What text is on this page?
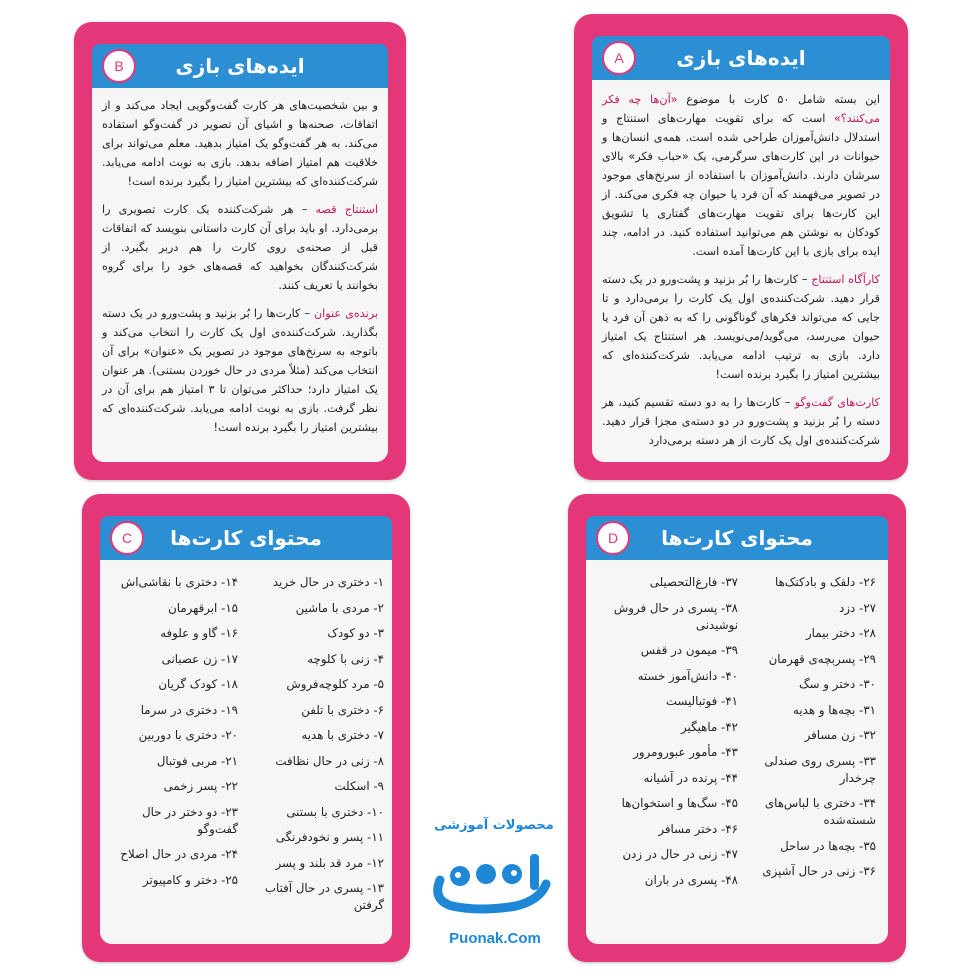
B	ایده‌های بازی

و بین شخصیت‌های هر کارت گفت‌وگویی ایجاد می‌کند و از اتفاقات، صحنه‌ها و اشیای آن تصویر در گفت‌وگو استفاده می‌کند. به هر گفت‌وگو یک امتیاز بدهید. معلم می‌تواند برای خلاقیت هم امتیاز اضافه بدهد. بازی به نوبت ادامه می‌یابد. شرکت‌کننده‌ای که بیشترین امتیاز را بگیرد برنده است!

استنتاج قصه – هر شرکت‌کننده یک کارت تصویری را برمی‌دارد. او باید برای آن کارت داستانی بنویسد که اتفاقات قبل از صحنه‌ی روی کارت را هم دربر بگیرد. از شرکت‌کنندگان بخواهید که قصه‌های خود را برای گروه بخوانند یا تعریف کنند.

برنده‌ی عنوان – کارت‌ها را بُر بزنید و پشت‌ورو در یک دسته بگذارید. شرکت‌کننده‌ی اول یک کارت را انتخاب می‌کند و باتوجه به سرنخ‌های موجود در تصویر یک «عنوان» برای آن انتخاب می‌کند (مثلاً مردی در حال خوردن بستنی). هر عنوان یک امتیاز دارد؛ حداکثر می‌توان تا ۳ امتیاز هم برای آن در نظر گرفت. بازی به نوبت ادامه می‌یابد. شرکت‌کننده‌ای که بیشترین امتیاز را بگیرد برنده است!

A	ایده‌های بازی

این بسته شامل ۵۰ کارت با موضوع «آن‌ها چه فکر می‌کنند؟» است که برای تقویت مهارت‌های استنتاج و استدلال دانش‌آموزان طراحی شده است. همه‌ی انسان‌ها و حیوانات در این کارت‌های سرگرمی، یک «حباب فکر» بالای سرشان دارند. دانش‌آموزان با استفاده از سرنخ‌های موجود در تصویر می‌فهمند که آن فرد یا حیوان چه فکری می‌کند. از این کارت‌ها برای تقویت مهارت‌های گفتاری یا تشویق کودکان به نوشتن هم می‌توانید استفاده کنید. در ادامه، چند ایده برای بازی با این کارت‌ها آمده است.

کارآگاه استنتاج – کارت‌ها را بُر بزنید و پشت‌ورو در یک دسته قرار دهید. شرکت‌کننده‌ی اول یک کارت را برمی‌دارد و تا جایی که می‌تواند فکرهای گوناگونی را که به ذهن آن فرد یا حیوان می‌رسد، می‌گوید/می‌نویسد. هر استنتاج یک امتیاز دارد. بازی به ترتیب ادامه می‌یابد. شرکت‌کننده‌ای که بیشترین امتیاز را بگیرد برنده است!

کارت‌های گفت‌وگو – کارت‌ها را به دو دسته تقسیم کنید، هر دسته را بُر بزنید و پشت‌ورو در دو دسته‌ی مجزا قرار دهید. شرکت‌کننده‌ی اول یک کارت از هر دسته برمی‌دارد

C	محتوای کارت‌ها
۱- دختری در حال خرید
۲- مردی با ماشین
۳- دو کودک
۴- زنی با کلوچه
۵- مرد کلوچه‌فروش
۶- دختری با تلفن
۷- دختری با هدیه
۸- زنی در حال نظافت
۹- اسکلت
۱۰- دختری با بستنی
۱۱- پسر و نخودفرنگی
۱۲- مرد قد بلند و پسر
۱۳- پسری در حال آفتاب گرفتن
۱۴- دختری با نقاشی‌اش
۱۵- ابرقهرمان
۱۶- گاو و علوفه
۱۷- زن عصبانی
۱۸- کودک گریان
۱۹- دختری در سرما
۲۰- دختری با دوربین
۲۱- مربی فوتبال
۲۲- پسر زخمی
۲۳- دو دختر در حال گفت‌وگو
۲۴- مردی در حال اصلاح
۲۵- دختر و کامپیوتر
D	محتوای کارت‌ها
۲۶- دلقک و بادکنک‌ها
۲۷- دزد
۲۸- دختر بیمار
۲۹- پسربچه‌ی قهرمان
۳۰- دختر و سگ
۳۱- بچه‌ها و هدیه
۳۲- زن مسافر
۳۳- پسری روی صندلی چرخدار
۳۴- دختری با لباس‌های شسته‌شده
۳۵- بچه‌ها در ساحل
۳۶- زنی در حال آشپزی
۳۷- فارغ‌التحصیلی
۳۸- پسری در حال فروش نوشیدنی
۳۹- میمون در قفس
۴۰- دانش‌آموز خسته
۴۱- فوتبالیست
۴۲- ماهیگیر
۴۳- مأمور عبورومرور
۴۴- پرنده در آشیانه
۴۵- سگ‌ها و استخوان‌ها
۴۶- دختر مسافر
۴۷- زنی در حال در زدن
۴۸- پسری در باران
محصولات آموزشی
Puonak.Com
